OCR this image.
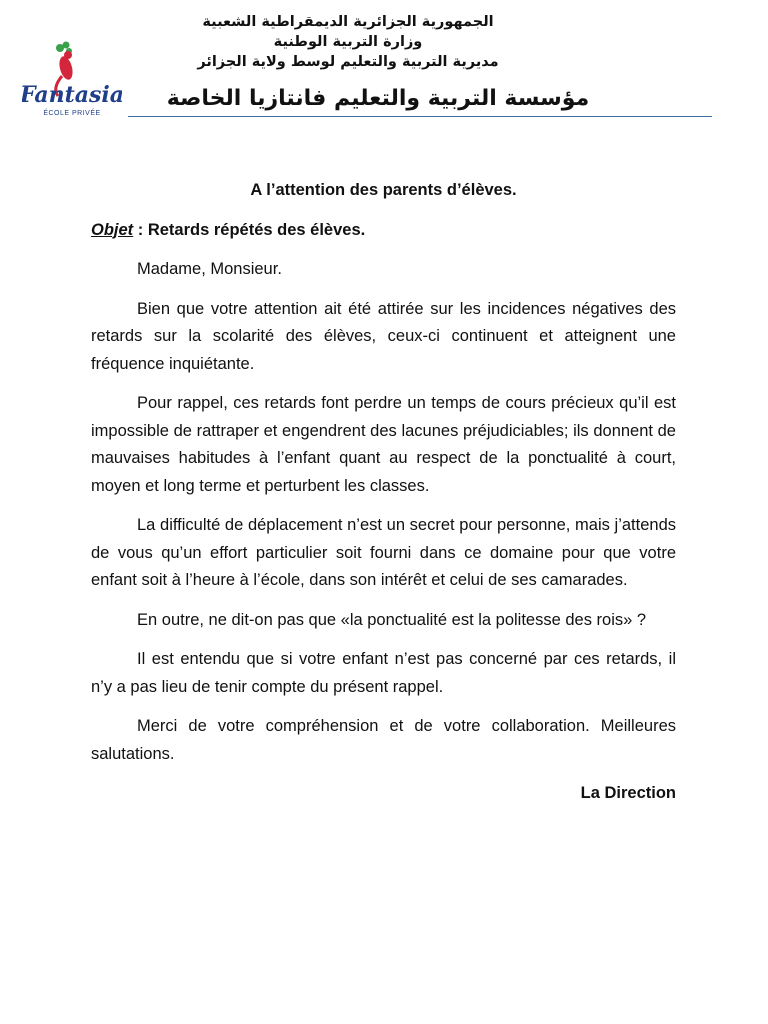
Fantasia
ÉCOLE PRIVÉE
الجمهورية الجزائرية الديمقراطية الشعبية
وزارة التربية الوطنية
مديرية التربية والتعليم لوسط ولاية الجزائر
مؤسسة التربية والتعليم فانتازيا الخاصة

A l’attention des parents d’élèves.

Objet : Retards répétés des élèves.

Madame, Monsieur.

Bien que votre attention ait été attirée sur les incidences négatives des retards sur la scolarité des élèves, ceux-ci continuent et atteignent une fréquence inquiétante.

Pour rappel, ces retards font perdre un temps de cours précieux qu’il est impossible de rattraper et engendrent des lacunes préjudiciables; ils donnent de mauvaises habitudes à l’enfant quant au respect de la ponctualité à court, moyen et long terme et perturbent les classes.

La difficulté de déplacement n’est un secret pour personne, mais j’attends de vous qu’un effort particulier soit fourni dans ce domaine pour que votre enfant soit à l’heure à l’école, dans son intérêt et celui de ses camarades.

En outre, ne dit-on pas que «la ponctualité est la politesse des rois» ?

Il est entendu que si votre enfant n’est pas concerné par ces retards, il n’y a pas lieu de tenir compte du présent rappel.

Merci de votre compréhension et de votre collaboration. Meilleures salutations.

La Direction
